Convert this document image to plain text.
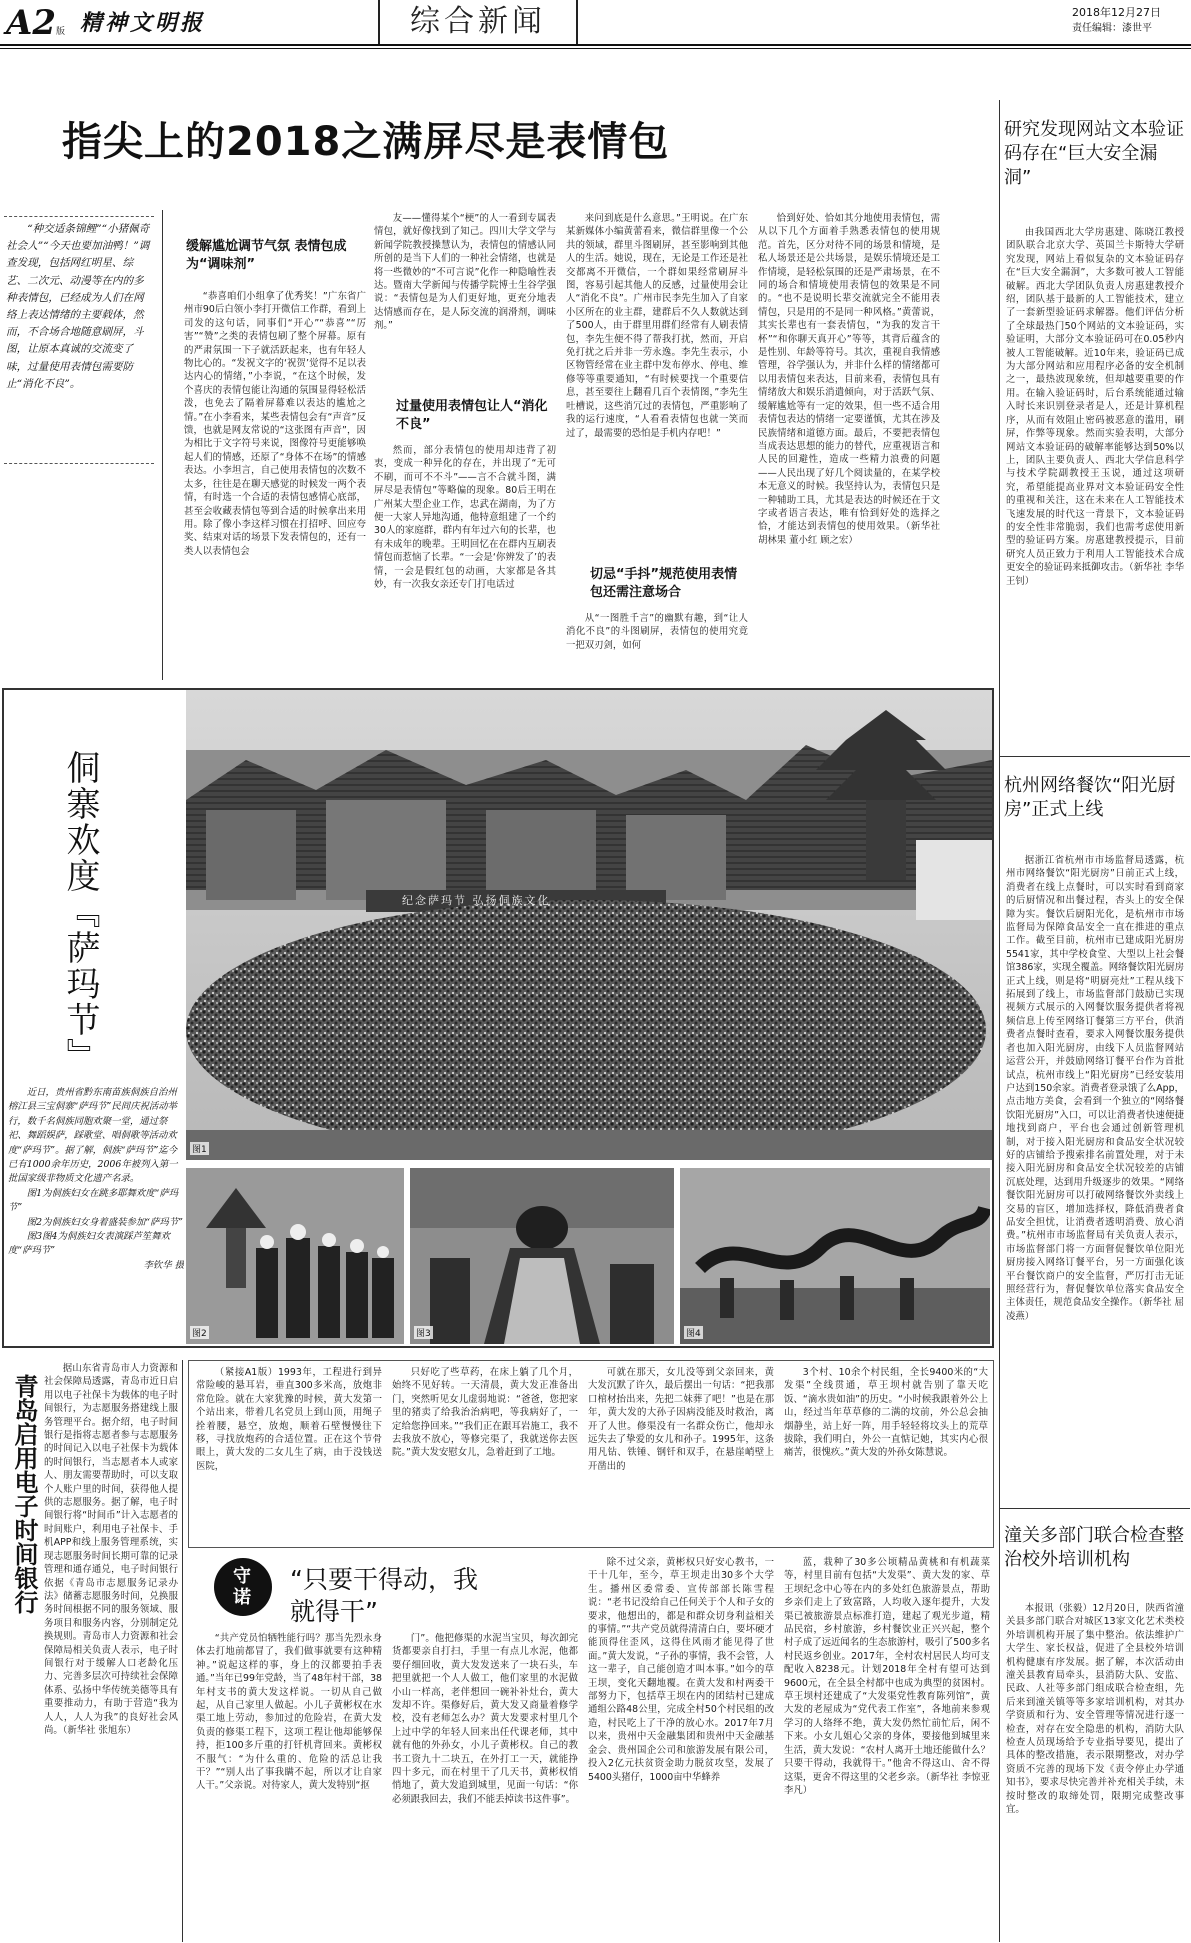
A2 版 精神文明报	综合新闻	2018年12月27日
责任编辑：漆世平
指尖上的2018之满屏尽是表情包
“种交适条锦鲤”“小猪佩奇社会人”“今天也要加油鸭！”调查发现，包括网红明星、综艺、二次元、动漫等在内的多种表情包，已经成为人们在网络上表达情绪的主要载体，然而，不合场合地随意刷屏，斗图，让原本真诚的交流变了味，过量使用表情包需要防止“消化不良”。
缓解尴尬调节气氛 表情包成为“调味剂”

“恭喜咱们小组拿了优秀奖！”广东省广州市90后白领小李打开微信工作群，看到上司发的这句话，同事们“开心”“恭喜”“厉害”“赞”之类的表情包刷了整个屏幕。原有的严肃氛围一下子就活跃起来，也有年轻人物比心的。“发祝文字的‘祝贺’觉得不足以表达内心的情绪，”小李说，“在这个时候，发个喜庆的表情包能让沟通的氛围显得轻松活泼，也免去了隔着屏幕难以表达的尴尬之情。”在小李看来，某些表情包会有“声音”反馈，也就是网友常说的“这张图有声音”，因为相比于文字符号来说，图像符号更能够唤起人们的情感，还原了“身体不在场”的情感表达。小李坦言，自己使用表情包的次数不太多，往往是在聊天感觉的时候发一两个表情，有时选一个合适的表情包感情心底部，甚至会收藏表情包等到合适的时候拿出来用用。除了像小李这样习惯在打招呼、回应夸奖、结束对话的场景下发表情包的，还有一类人以表情包会

友——懂得某个“梗”的人一看到专属表情包，就好像找到了知己。四川大学文学与新闻学院教授操慧认为，表情包的情感认同所创的是当下人们的一种社会情绪，也就是将一些微妙的“不可言说”化作一种隐喻性表达。暨南大学新闻与传播学院博士生谷学强说：“表情包是为人们更好地，更充分地表达情感而存在，是人际交流的润滑剂，调味剂。”

过量使用表情包让人“消化不良”

然而，部分表情包的使用却违背了初衷，变成一种异化的存在，并出现了“无可不刷，而可不不斗”——言不合就斗图，满屏尽是表情包”等略偏的现象。80后王明在广州某大型企业工作，忠武在湖南，为了方便一大家人异地沟通，他特意组建了一个约30人的家庭群，群内有年过六旬的长辈，也有未成年的晚辈。王明回忆在在群内互刷表情包而惹恼了长辈。“一会是‘你辨发了’的表情，一会是假红包的动画，大家都是各其妙，有一次我女亲还专门打电话过

来问到底是什么意思。”王明说。在广东某新媒体小编黄蕾看来，微信群里像一个公共的领域，群里斗图刷屏，甚至影响到其他人的生活。她说，现在，无论是工作还是社交都离不开微信，一个群如果经常刷屏斗图，容易引起其他人的反感，过量使用会让人“消化不良”。广州市民李先生加入了自家小区所在的业主群，建群后不久人数就达到了500人，由于群里用群们经常有人刷表情包，李先生便不得了帮我打扰，然而，开启免打扰之后并非一劳永逸。李先生表示，小区物管经常在业主群中发布停水、停电、维修等等重要通知，“有时候要找一个重要信息，甚至要往上翻看几百个表情图，”李先生吐槽说，这些消冗过的表情包，严重影响了我的运行速度，“人看看表情包也就一笑而过了，最需要的恐怕是手机内存吧！”

切忌“手抖”规范使用表情包还需注意场合

从“一图胜千言”的幽默有趣，到“让人消化不良”的斗图刷屏，表情包的使用究竟一把双刃剑，如何

恰到好处、恰如其分地使用表情包，需从以下几个方面着手熟悉表情包的使用规范。首先，区分对待不同的场景和情境，是私人场景还是公共场景，是娱乐情境还是工作情境，是轻松氛围的还是严肃场景，在不同的场合和情境使用表情包的效果是不同的。“也不是说明长辈交流就完全不能用表情包，只是用的不是同一种风格。”黄蕾说，其实长辈也有一套表情包，“为我的发言干杯”“和你聊天真开心”等等，其背后蕴含的是性别、年龄等符号。其次，重视自我情感管理，谷学强认为，并非什么样的情绪都可以用表情包来表达，目前来看，表情包具有情绪放大和娱乐消遣倾向，对于活跃气氛、缓解尴尬等有一定的效果，但一些不适合用表情包表达的情绪一定要谨慎，尤其在涉及民族情绪和道德方面。最后，不要把表情包当成表达思想的能力的替代，应重视语言和人民的回避性，造成一些精力浪费的问题——人民出现了好几个阅读量的，在某学校本无意义的时候。我坚持认为，表情包只是一种辅助工具，尤其是表达的时候还在于文字或者语言表达，唯有恰到好处的选择之恰，才能达到表情包的使用效果。（新华社 胡林果 董小红 顾之宏）

研究发现网站文本验证码存在“巨大安全漏洞”

由我国西北大学房惠建、陈晓江教授团队联合北京大学、英国兰卡斯特大学研究发现，网站上看似复杂的文本验证码存在“巨大安全漏洞”，大多数可被人工智能破解。西北大学团队负责人房惠建教授介绍，团队基于最新的人工智能技术，建立了一套新型验证码求解器。他们评估分析了全球最热门50个网站的文本验证码，实验证明，大部分文本验证码可在0.05秒内被人工智能破解。近10年来，验证码已成为大部分网站和应用程序必备的安全机制之一，最热波现象统，但却越要重要的作用。在输入验证码时，后台系统能通过输入时长来识别登录者是人，还是计算机程序，从而有效阻止密码被恶意的滥用，刷屏，作弊等现象。然而实验表明，大部分网站文本验证码的破解率能够达到50%以上，团队主要负责人、西北大学信息科学与技术学院副教授王玉说，通过这项研究，希望能提高业界对文本验证码安全性的重视和关注，这在未来在人工智能技术飞速发展的时代这一背景下，文本验证码的安全性非常脆弱，我们也需考虑使用新型的验证码方案。房惠建教授提示，目前研究人员正致力于利用人工智能技术合成更安全的验证码来抵御攻击。（新华社 李华 王钊）

杭州网络餐饮“阳光厨房”正式上线

据浙江省杭州市市场监督局透露，杭州市网络餐饮“阳光厨房”日前正式上线，消费者在线上点餐时，可以实时看到商家的后厨情况和出餐过程，杏头上的安全保障为实。餐饮后厨阳光化，是杭州市市场监督局为保障食品安全一直在推进的重点工作。截至目前，杭州市已建成阳光厨房5541家，其中学校食堂、大型以上社会餐馆386家，实现全覆盖。网络餐饮阳光厨房正式上线，则是将“明厨亮灶”工程从线下拓展到了线上，市场监督部门鼓励已实现视频方式展示的入网餐饮服务提供者将视频信息上传至网络订餐第三方平台，供消费者点餐时查看，要求入网餐饮服务提供者也加入阳光厨房，由线下人员监督网站运营公开，并鼓励网络订餐平台作为首批试点，杭州市线上“阳光厨房”已经安装用户达到150余家。消费者登录饿了么App，点击地方美食，会看到一个独立的“网络餐饮阳光厨房”入口，可以让消费者快速便捷地找到商户，平台也会通过创新管理机制，对于接入阳光厨房和食品安全状况较好的店铺给予搜索排名前置处理，对于未接入阳光厨房和食品安全状况较差的店铺沉底处理，达到用升级逐步的效果。“网络餐饮阳光厨房可以打破网络餐饮外卖线上交易的盲区，增加选择权，降低消费者食品安全担忧，让消费者透明消费、放心消费。”杭州市市场监督局有关负责人表示，市场监督部门将一方面督促餐饮单位阳光厨房接入网络订餐平台，另一方面强化该平台餐饮商户的安全监督，严厉打击无证照经营行为，督促餐饮单位落实食品安全主体责任，规范食品安全操作。（新华社 屈凌燕）

潼关多部门联合检查整治校外培训机构

本报讯（张毅）12月20日，陕西省潼关县多部门联合对城区13家文化艺术类校外培训机构开展了集中整治。依法维护广大学生、家长权益，促进了全县校外培训机构健康有序发展。据了解，本次活动由潼关县教育局牵头，县消防大队、安监、民政、人社等多部门组成联合检查组，先后来到潼关镇等等多家培训机构，对其办学资质和行为、安全管理等情况进行逐一检查，对存在安全隐患的机构，消防大队检查人员现场给予专业指导要见，提出了具体的整改措施，表示限期整改，对办学资质不完善的现场下发《责令停止办学通知书》，要求尽快完善并补充相关手续，未按时整改的取缔处罚，限期完成整改事宜。

侗寨欢度『萨玛节』
近日，贵州省黔东南苗族侗族自治州榕江县三宝侗寨“萨玛节”民间庆祝活动举行，数千名侗族同胞欢聚一堂，通过祭祀、舞蹈娱萨，踩歌堂、唱侗歌等活动欢度“萨玛节”。据了解，侗族“萨玛节”迄今已有1000余年历史，2006年被列入第一批国家级非物质文化遗产名录。
图1为侗族妇女在跳多耶舞欢度“萨玛节”
图2为侗族妇女身着盛装参加“萨玛节”
图3图4为侗族妇女表演踩芦笙舞欢度“萨玛节”
李钦华 摄
纪念萨玛节 弘扬侗族文化
图1
图2	图3	图4
青岛启用电子时间银行

据山东省青岛市人力资源和社会保障局透露，青岛市近日启用以电子社保卡为载体的电子时间银行，为志愿服务搭建线上服务管理平台。据介绍，电子时间银行是指将志愿者参与志愿服务的时间记入以电子社保卡为载体的时间银行，当志愿者本人或家人、朋友需要帮助时，可以支取个人账户里的时间，获得他人提供的志愿服务。据了解，电子时间银行将“时间币”计入志愿者的时间账户，利用电子社保卡、手机APP和线上服务管理系统，实现志愿服务时间长期可靠的记录管理和通存通兑，电子时间银行依据《青岛市志愿服务记录办法》储蓄志愿服务时间，兑换服务时间根据不同的服务领域、服务项目和服务内容，分别制定兑换规则。青岛市人力资源和社会保障局相关负责人表示，电子时间银行对于缓解人口老龄化压力、完善多层次可持续社会保障体系、弘扬中华传统美德等具有重要推动力，有助于营造“我为人人，人人为我”的良好社会风尚。（新华社 张旭东）

（紧接A1版）1993年，工程进行到异常险峻的悬耳岩，垂直300多米高，放炮非常危险。就在大家犹豫的时候，黄大发第一个站出来，带着几名党员上到山顶，用绳子拴着腰，悬空，放炮，顺着石壁慢慢往下移，寻找放炮药的合适位置。正在这个节骨眼上，黄大发的二女儿生了病，由于没钱送医院，

只好吃了些草药，在床上躺了几个月，始终不见好转。一天清晨，黄大发正准备出门，突然听见女儿虚弱地说：“爸爸，您把家里的猪卖了给我治治病吧，等我病好了，一定给您挣回来。”“我们正在跟耳岩施工，我不去我放不放心，等修完渠了，我就送你去医院。”黄大发安慰女儿，急着赶到了工地。

可就在那天，女儿没等到父亲回来，黄大发沉默了许久，最后摆出一句话：“把我那口棺材抬出来，先把二妹葬了吧！”也是在那年，黄大发的大孙子因病没能及时救治，离开了人世。修渠没有一名群众伤亡，他却永远失去了挚爱的女儿和孙子。1995年，这条用凡钻、铁锤、钢钎和双手，在悬崖峭壁上开凿出的

3个村、10余个村民组，全长9400米的“大发渠”全线贯通，草王坝村就告别了靠天吃饭、“滴水贵如油”的历史。“小时候我跟着外公上山，经过当年草草修的二满的坟前，外公总会抽烟静坐，站上好一阵，用手轻轻将坟头上的荒草拔除，我们明白，外公一直惦记她，其实内心很痛苦，很愧疚。”黄大发的外孙女陈慧说。

守诺
“只要干得动，我就得干”

“共产党员怕牺牲能行吗？那当先烈永身体去打地前都冒了，我们做事就要有这种精神。”说起这样的事，身上的汉都要拍手表通。”当年已99年党龄，当了48年村干部，38年村支书的黄大发这样说。一切从自己做起，从自己家里人做起。小儿子黄彬权在水渠工地上劳动，参加过的危险岩，在黄大发负责的修渠工程下，这项工程让他却能够保持，拒100多斤重的打钎机背回来。黄彬权不服气：“为什么重的、危险的活总让我干？”“别人出了事我瞒不起，所以才让自家人干。”父亲说。对待家人，黄大发特别“抠

门”。他把修渠的水泥当宝贝，每次卸完货都要亲自打扫，手里一有点儿水泥，他都要仔细回收，黄大发发送来了一块石头，车把里就把一个人人做工，他们家里的水泥做小山一样高，老伴想回一碗补补灶台，黄大发却不许。渠修好后，黄大发又商量着修学校，没有老师怎么办？黄大发要求村里几个上过中学的年轻人回来出任代课老师，其中就有他的外孙女，小儿子黄彬权。自己的教书工资九十二块五，在外打工一天，就能挣四十多元，而在村里干了几天书，黄彬权悄悄地了，黄大发追到城里，见面一句话：“你必须跟我回去，我们不能丢掉读书这件事”。

除不过父亲，黄彬权只好安心教书，一干十几年，至今，草王坝走出30多个大学生。播州区委常委、宣传部部长陈雪程说：“老书记没给自己任何关于个人和子女的要求，他想出的，都是和群众切身利益相关的事情。”“共产党员就得清清白白，要坏硬才能顶得住歪风，这得住风雨才能见得了世面。”黄大发说，“子孙的事情，我不会管，人这一辈子，自己能创造才叫本事。”如今的草王坝，变化天翻地覆。在黄大发和村两委干部努力下，包括草王坝在内的团结村已建成通组公路48公里，完成全村50个村民组的改造，村民吃上了干净的放心水。2017年7月以来，贵州中天金融集团和贵州中天金融基金会、贵州国企公司和旅游发展有限公司，投入2亿元扶贫资金助力脱贫攻坚，发展了5400头猪仔，1000亩中华蜂养

蓝，栽种了30多公顷精品黄桃和有机蔬菜等，村里目前有包括“大发渠”、黄大发的家、草王坝纪念中心等在内的多处红色旅游景点，帮助乡亲们走上了致富路，人均收入逐年提升，大发渠已被旅游景点标准打造，建起了观光步道，精品民宿，乡村旅游，乡村餐饮业正兴兴起，整个村子成了远近闻名的生态旅游村，吸引了500多名村民返乡创业。2017年，全村农村居民人均可支配收入8238元。计划2018年全村有望可达到9600元，在全县全村都中也成为典型的贫困村。草王坝村还建成了“大发渠党性教育陈列馆”，黄大发的老屋成为“党代表工作室”，各地前来参观学习的人络绎不绝，黄大发仍然忙前忙后，闲不下来。小女儿姐心父亲的身体，要接他到城里来生活，黄大发说：“农村人离开土地还能做什么？只要干得动，我就得干。”他舍不得这山、舍不得这渠，更舍不得这里的父老乡亲。（新华社 李惊亚 李凡）
